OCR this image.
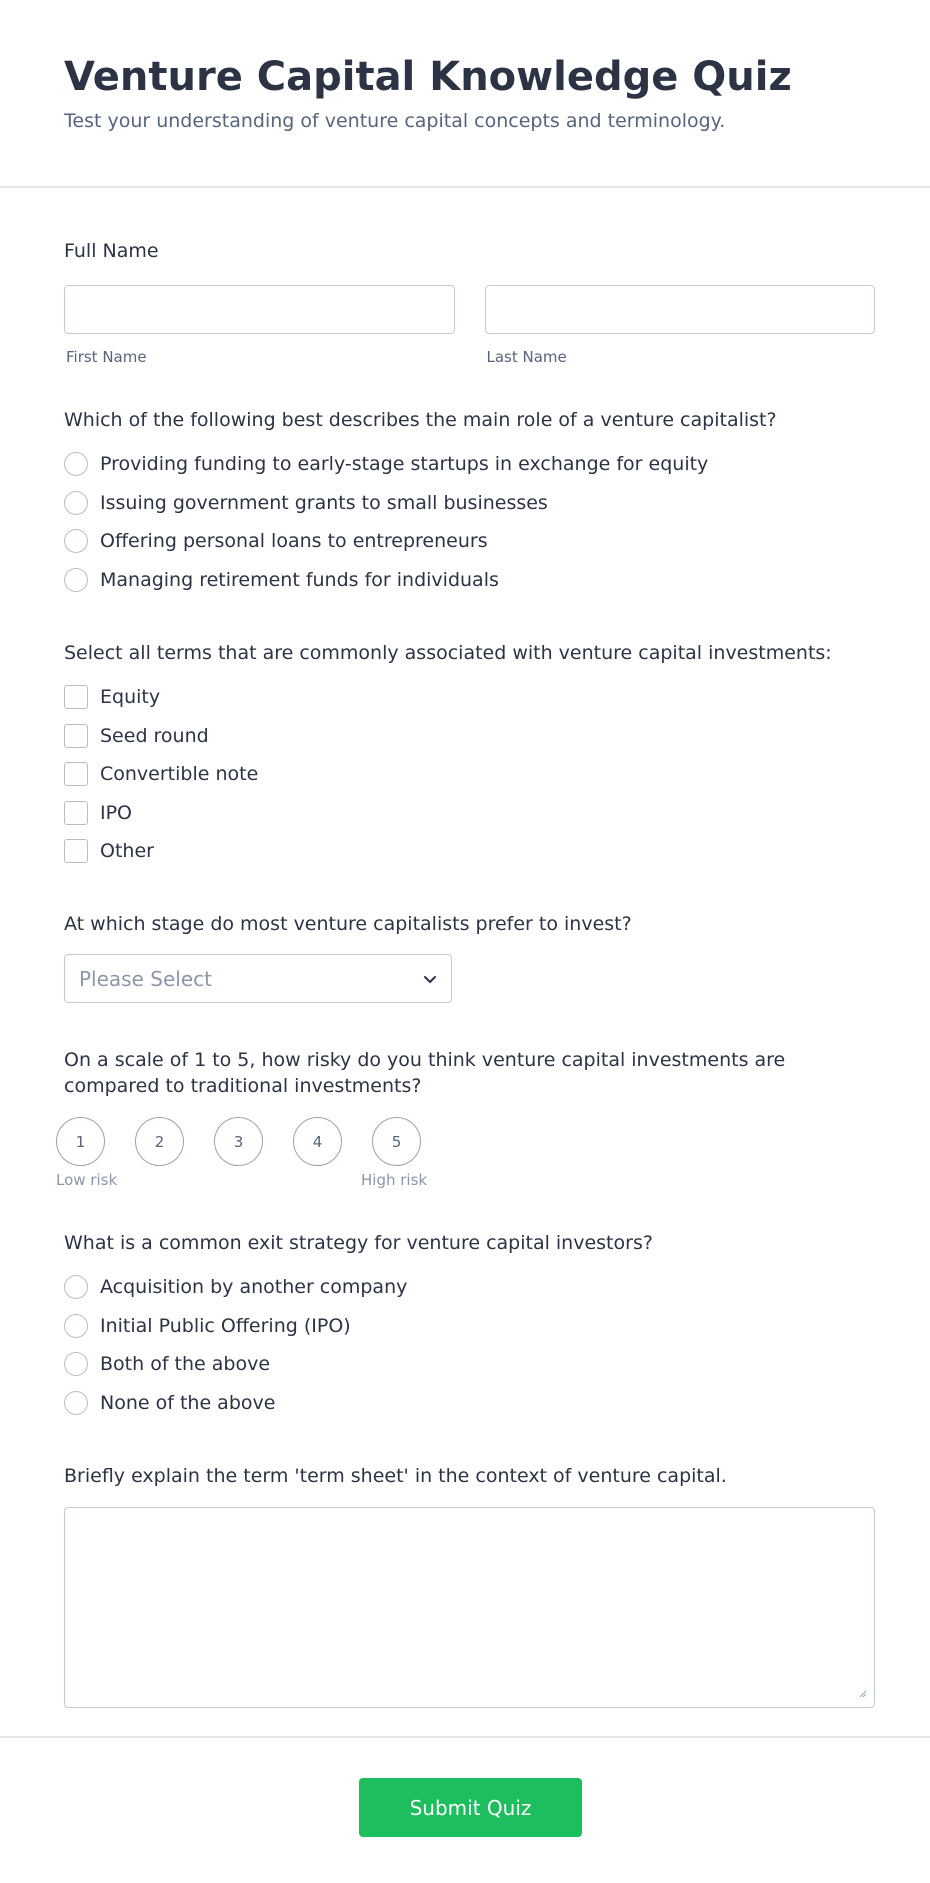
Venture Capital Knowledge Quiz

Test your understanding of venture capital concepts and terminology.

Full Name

First Name	Last Name

Which of the following best describes the main role of a venture capitalist?

Providing funding to early-stage startups in exchange for equity
Issuing government grants to small businesses
Offering personal loans to entrepreneurs
Managing retirement funds for individuals

Select all terms that are commonly associated with venture capital investments:

Equity
Seed round
Convertible note
IPO
Other

At which stage do most venture capitalists prefer to invest?

Please Select

On a scale of 1 to 5, how risky do you think venture capital investments are compared to traditional investments?

1	2	3	4	5
Low risk	High risk

What is a common exit strategy for venture capital investors?

Acquisition by another company
Initial Public Offering (IPO)
Both of the above
None of the above

Briefly explain the term 'term sheet' in the context of venture capital.

Submit Quiz
